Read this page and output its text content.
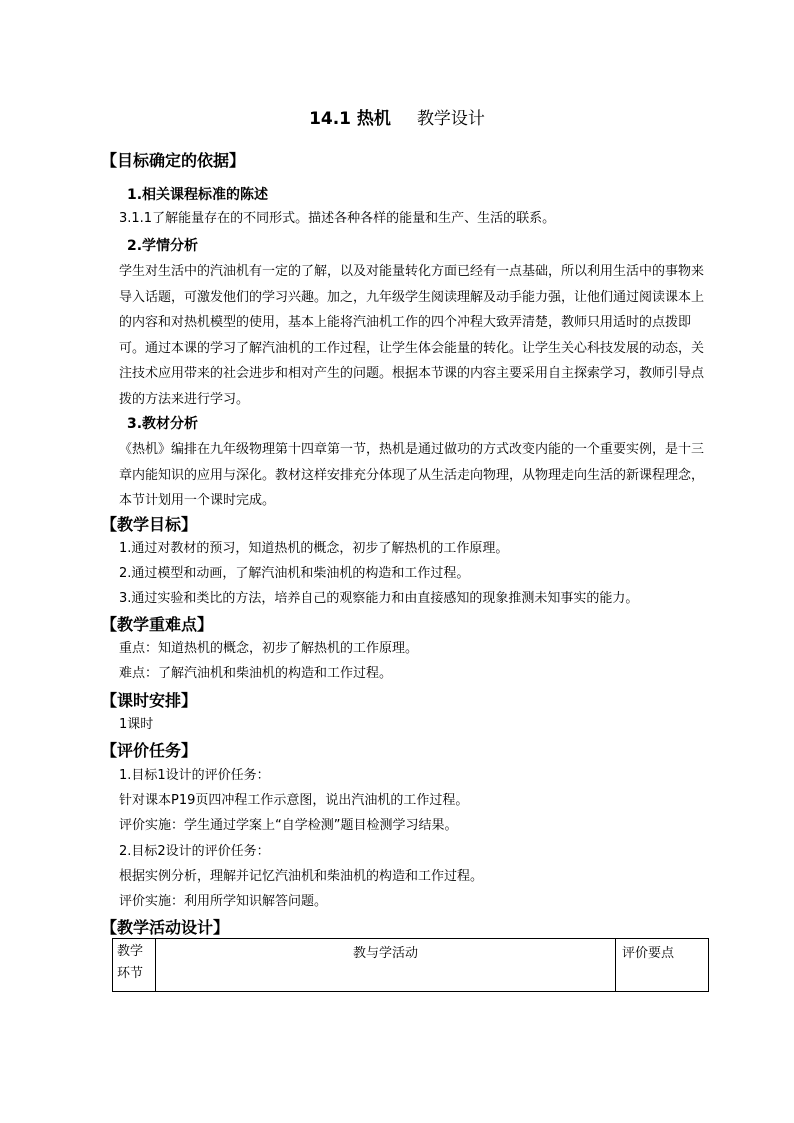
14.1 热机 教学设计
【目标确定的依据】
1.相关课程标准的陈述
3.1.1了解能量存在的不同形式。描述各种各样的能量和生产、生活的联系。
2.学情分析

学生对生活中的汽油机有一定的了解，以及对能量转化方面已经有一点基础，所以利用生活中的事物来导入话题，可激发他们的学习兴趣。加之，九年级学生阅读理解及动手能力强，让他们通过阅读课本上的内容和对热机模型的使用，基本上能将汽油机工作的四个冲程大致弄清楚，教师只用适时的点拨即可。通过本课的学习了解汽油机的工作过程，让学生体会能量的转化。让学生关心科技发展的动态，关注技术应用带来的社会进步和相对产生的问题。根据本节课的内容主要采用自主探索学习，教师引导点拨的方法来进行学习。

3.教材分析

《热机》编排在九年级物理第十四章第一节，热机是通过做功的方式改变内能的一个重要实例，是十三章内能知识的应用与深化。教材这样安排充分体现了从生活走向物理，从物理走向生活的新课程理念，本节计划用一个课时完成。

【教学目标】
1.通过对教材的预习，知道热机的概念，初步了解热机的工作原理。
2.通过模型和动画，了解汽油机和柴油机的构造和工作过程。
3.通过实验和类比的方法，培养自己的观察能力和由直接感知的现象推测未知事实的能力。
【教学重难点】
重点：知道热机的概念，初步了解热机的工作原理。
难点：了解汽油机和柴油机的构造和工作过程。
【课时安排】
1课时
【评价任务】
1.目标1设计的评价任务：
针对课本P19页四冲程工作示意图，说出汽油机的工作过程。
评价实施：学生通过学案上“自学检测”题目检测学习结果。
2.目标2设计的评价任务：
根据实例分析，理解并记忆汽油机和柴油机的构造和工作过程。
评价实施：利用所学知识解答问题。
【教学活动设计】
教学环节	教与学活动	评价要点
